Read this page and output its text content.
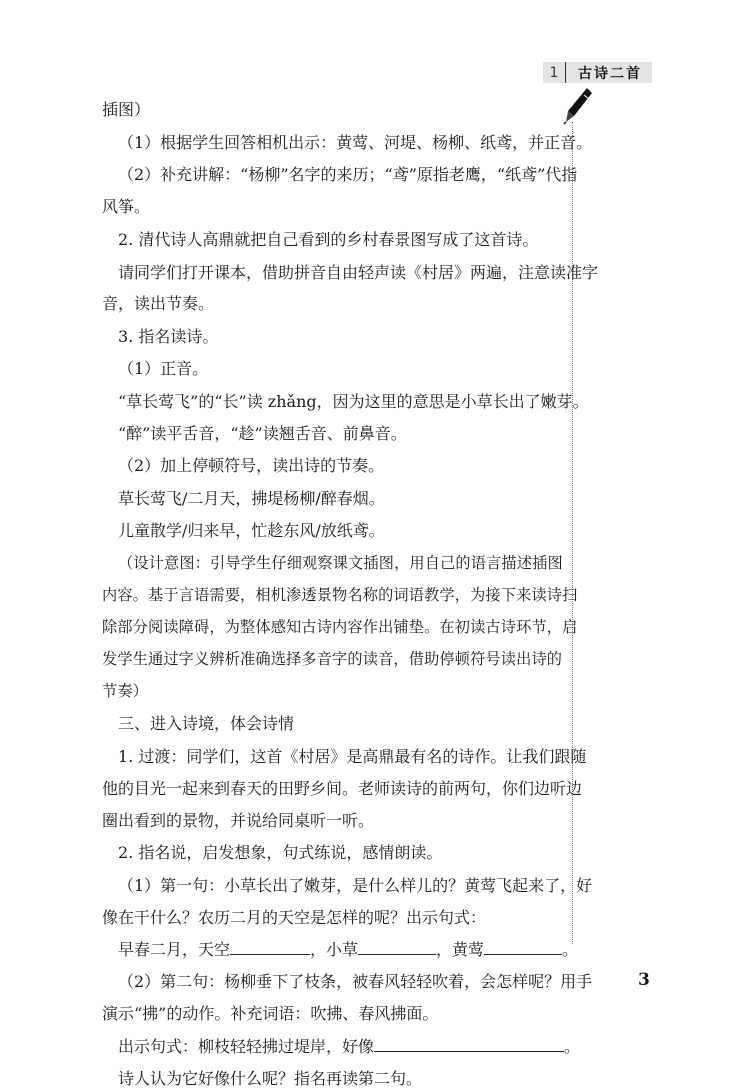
1	古诗二首
插图）
（1）根据学生回答相机出示：黄莺、河堤、杨柳、纸鸢，并正音。
（2）补充讲解：“杨柳”名字的来历；“鸢”原指老鹰，“纸鸢”代指
风筝。
2. 清代诗人高鼎就把自己看到的乡村春景图写成了这首诗。
请同学们打开课本，借助拼音自由轻声读《村居》两遍，注意读准字
音，读出节奏。
3. 指名读诗。
（1）正音。
“草长莺飞”的“长”读 zhǎng，因为这里的意思是小草长出了嫩芽。
“醉”读平舌音，“趁”读翘舌音、前鼻音。
（2）加上停顿符号，读出诗的节奏。
草长莺飞/二月天，拂堤杨柳/醉春烟。
儿童散学/归来早，忙趁东风/放纸鸢。
（设计意图：引导学生仔细观察课文插图，用自己的语言描述插图
内容。基于言语需要，相机渗透景物名称的词语教学，为接下来读诗扫
除部分阅读障碍，为整体感知古诗内容作出铺垫。在初读古诗环节，启
发学生通过字义辨析准确选择多音字的读音，借助停顿符号读出诗的
节奏）
三、进入诗境，体会诗情
1. 过渡：同学们，这首《村居》是高鼎最有名的诗作。让我们跟随
他的目光一起来到春天的田野乡间。老师读诗的前两句，你们边听边
圈出看到的景物，并说给同桌听一听。
2. 指名说，启发想象，句式练说，感情朗读。
（1）第一句：小草长出了嫩芽，是什么样儿的？黄莺飞起来了，好
像在干什么？农历二月的天空是怎样的呢？出示句式：
早春二月，天空	，小草	，黄莺	。
（2）第二句：杨柳垂下了枝条，被春风轻轻吹着，会怎样呢？用手
演示“拂”的动作。补充词语：吹拂、春风拂面。
出示句式：柳枝轻轻拂过堤岸，好像	。
诗人认为它好像什么呢？指名再读第二句。
3
